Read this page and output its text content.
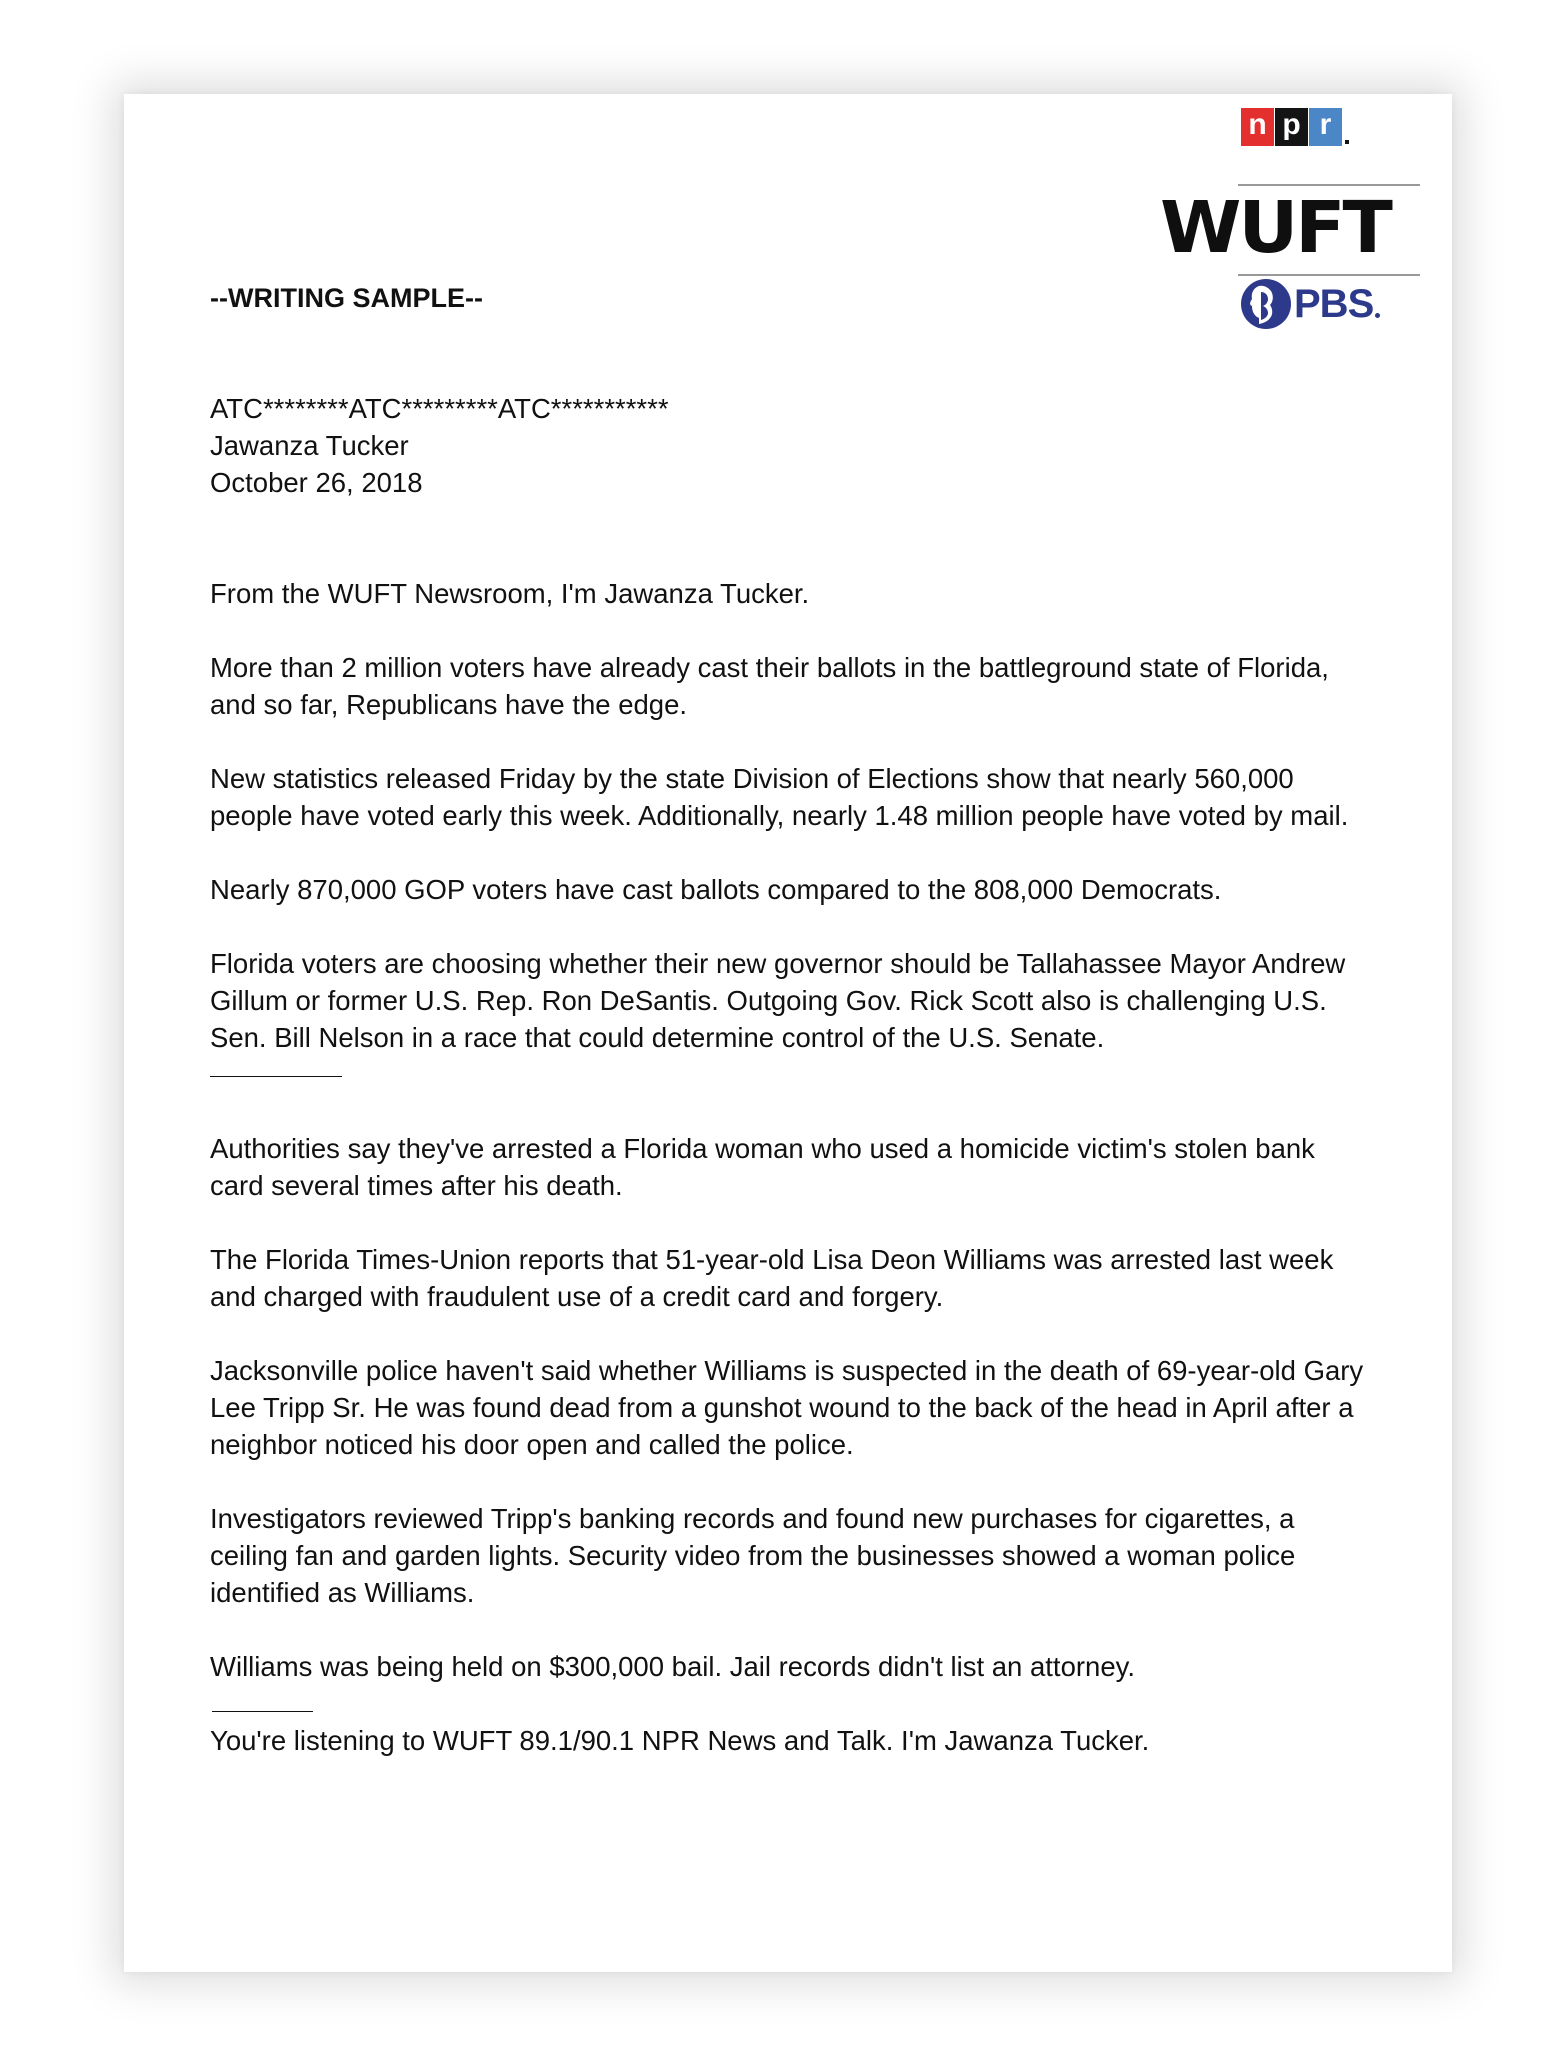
n p r
WUFT
PBS
--WRITING SAMPLE--

ATC********ATC*********ATC***********

Jawanza Tucker

October 26, 2018

From the WUFT Newsroom, I'm Jawanza Tucker.

More than 2 million voters have already cast their ballots in the battleground state of Florida, and so far, Republicans have the edge.

New statistics released Friday by the state Division of Elections show that nearly 560,000 people have voted early this week. Additionally, nearly 1.48 million people have voted by mail.

Nearly 870,000 GOP voters have cast ballots compared to the 808,000 Democrats.

Florida voters are choosing whether their new governor should be Tallahassee Mayor Andrew Gillum or former U.S. Rep. Ron DeSantis. Outgoing Gov. Rick Scott also is challenging U.S. Sen. Bill Nelson in a race that could determine control of the U.S. Senate.

Authorities say they've arrested a Florida woman who used a homicide victim's stolen bank card several times after his death.

The Florida Times-Union reports that 51-year-old Lisa Deon Williams was arrested last week and charged with fraudulent use of a credit card and forgery.

Jacksonville police haven't said whether Williams is suspected in the death of 69-year-old Gary Lee Tripp Sr. He was found dead from a gunshot wound to the back of the head in April after a neighbor noticed his door open and called the police.

Investigators reviewed Tripp's banking records and found new purchases for cigarettes, a ceiling fan and garden lights. Security video from the businesses showed a woman police identified as Williams.

Williams was being held on $300,000 bail. Jail records didn't list an attorney.

You're listening to WUFT 89.1/90.1 NPR News and Talk. I'm Jawanza Tucker.
